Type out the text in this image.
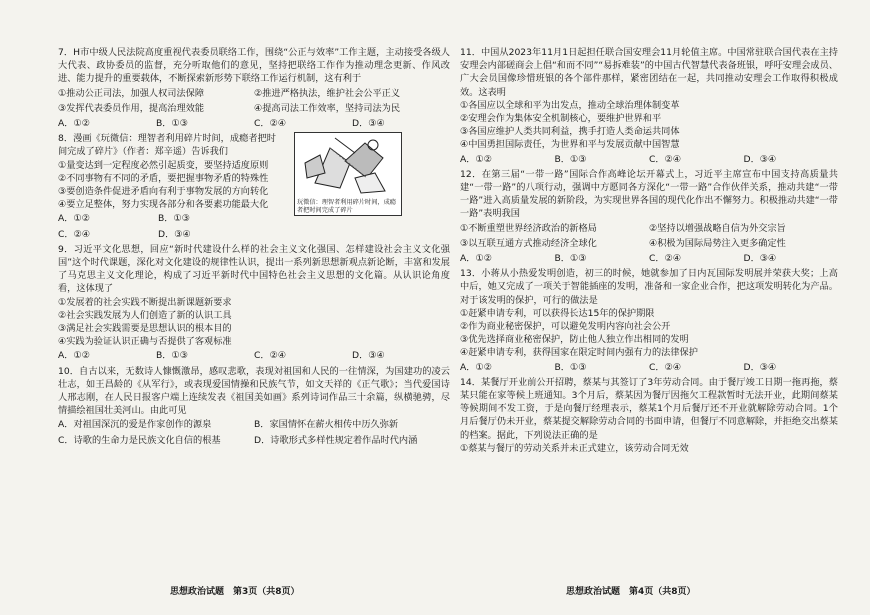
7．H市中级人民法院高度重视代表委员联络工作，围绕“公正与效率”工作主题，主动接受各级人大代表、政协委员的监督，充分听取他们的意见，坚持把联络工作作为推动理念更新、作风改进、能力提升的重要载体，不断探索新形势下联络工作运行机制，这有利于
①推动公正司法，加强人权司法保障	②推进严格执法，维护社会公平正义
③发挥代表委员作用，提高治理效能	④提高司法工作效率，坚持司法为民
A．①②	B．①③	C．②④	D．③④
8．漫画《玩微信：理智者利用碎片时间，成瘾者把时间完成了碎片》（作者：郑辛遥）告诉我们
①量变达到一定程度必然引起质变，要坚持适度原则
②不同事物有不同的矛盾，要把握事物矛盾的特殊性
③要创造条件促进矛盾向有利于事物发展的方向转化
④要立足整体，努力实现各部分和各要素功能最大化
A．①②	B．①③
C．②④	D．③④
玩微信：理智者利用碎片时间，成瘾者把时间完成了碎片
9．习近平文化思想，回应“新时代建设什么样的社会主义文化强国、怎样建设社会主义文化强国”这个时代课题，深化对文化建设的规律性认识，提出一系列新思想新观点新论断，丰富和发展了马克思主义文化理论，构成了习近平新时代中国特色社会主义思想的文化篇。从认识论角度看，这体现了
①发展着的社会实践不断提出新课题新要求
②社会实践发展为人们创造了新的认识工具
③满足社会实践需要是思想认识的根本目的
④实践为验证认识正确与否提供了客观标准
A．①②	B．①③	C．②④	D．③④
10．自古以来，无数诗人慷慨激昂，感叹悲歌，表现対祖国和人民的一往情深，为国建功的凌云壮志，如王昌龄的《从军行》，或表现爱国情操和民族气节，如文天祥的《正气歌》；当代爱国诗人邢志刚，在人民日报客户端上连续发表《祖国美如画》系列诗词作品三十余篇，纵横驰骋，尽情描绘祖国壮美河山。由此可见
A．对祖国深沉的爱是作家创作的源泉	B．家国情怀在薪火相传中历久弥新
C．诗歌的生命力是民族文化自信的根基	D．诗歌形式多样性规定着作品时代内涵
11．中国从2023年11月1日起担任联合国安理会11月轮值主席。中国常驻联合国代表在主持安理会内部磋商会上倡“和而不同”“易拆难装”的中国古代智慧代表备班银，呼吁安理会成员、广大会员国像珍惜班银的各个部件那样，紧密团结在一起，共同推动安理会工作取得积极成效。这表明
①各国应以全球和平为出发点，推动全球治理体制变革
②安理会作为集体安全机制核心，要维护世界和平
③各国应维护人类共同利益，携手打造人类命运共同体
④中国勇担国际责任，为世界和平与发展贡献中国智慧
A．①②	B．①③	C．②④	D．③④
12．在第三届“一带一路”国际合作高峰论坛开幕式上，习近平主席宣布中国支持高质量共建“一带一路”的八项行动，强调中方愿同各方深化“一带一路”合作伙伴关系，推动共建“一带一路”进入高质量发展的新阶段，为实现世界各国的现代化作出不懈努力。积极推动共建“一带一路”表明我国
①不断重塑世界经济政治的新格局	②坚持以增强战略自信为外交宗旨
③以互联互通方式推动经济全球化	④积极为国际局势注入更多确定性
A．①②	B．①③	C．②④	D．③④
13．小蒋从小热爱发明创造，初三的时候，她就参加了日内瓦国际发明展并荣获大奖；上高中后，她又完成了一项关于智能插座的发明，准备和一家企业合作，把这项发明转化为产品。对于该发明的保护，可行的做法是
①赶紧申请专利，可以获得长达15年的保护期限
②作为商业秘密保护，可以避免发明内容向社会公开
③优先选择商业秘密保护，防止他人独立作出相同的发明
④赶紧申请专利，获得国家在限定时间内强有力的法律保护
A．①②	B．①③	C．②④	D．③④
14．某餐厅开业前公开招聘，蔡某与其签订了3年劳动合同。由于餐厅竣工日期一拖再拖，蔡某只能在家等候上班通知。3个月后，蔡某因为餐厅因拖欠工程款暂时无法开业，此期间蔡某等候期间不发工资，于是向餐厅经理表示，蔡某1个月后餐厅还不开业就解除劳动合同。1个月后餐厅仍未开业，蔡某提交解除劳动合同的书面申请，但餐厅不同意解除，并拒绝交出蔡某的档案。据此，下列说法正确的是
①蔡某与餐厅的劳动关系并未正式建立，该劳动合同无效
思想政治试题　第3页（共8页）	思想政治试题　第4页（共8页）
